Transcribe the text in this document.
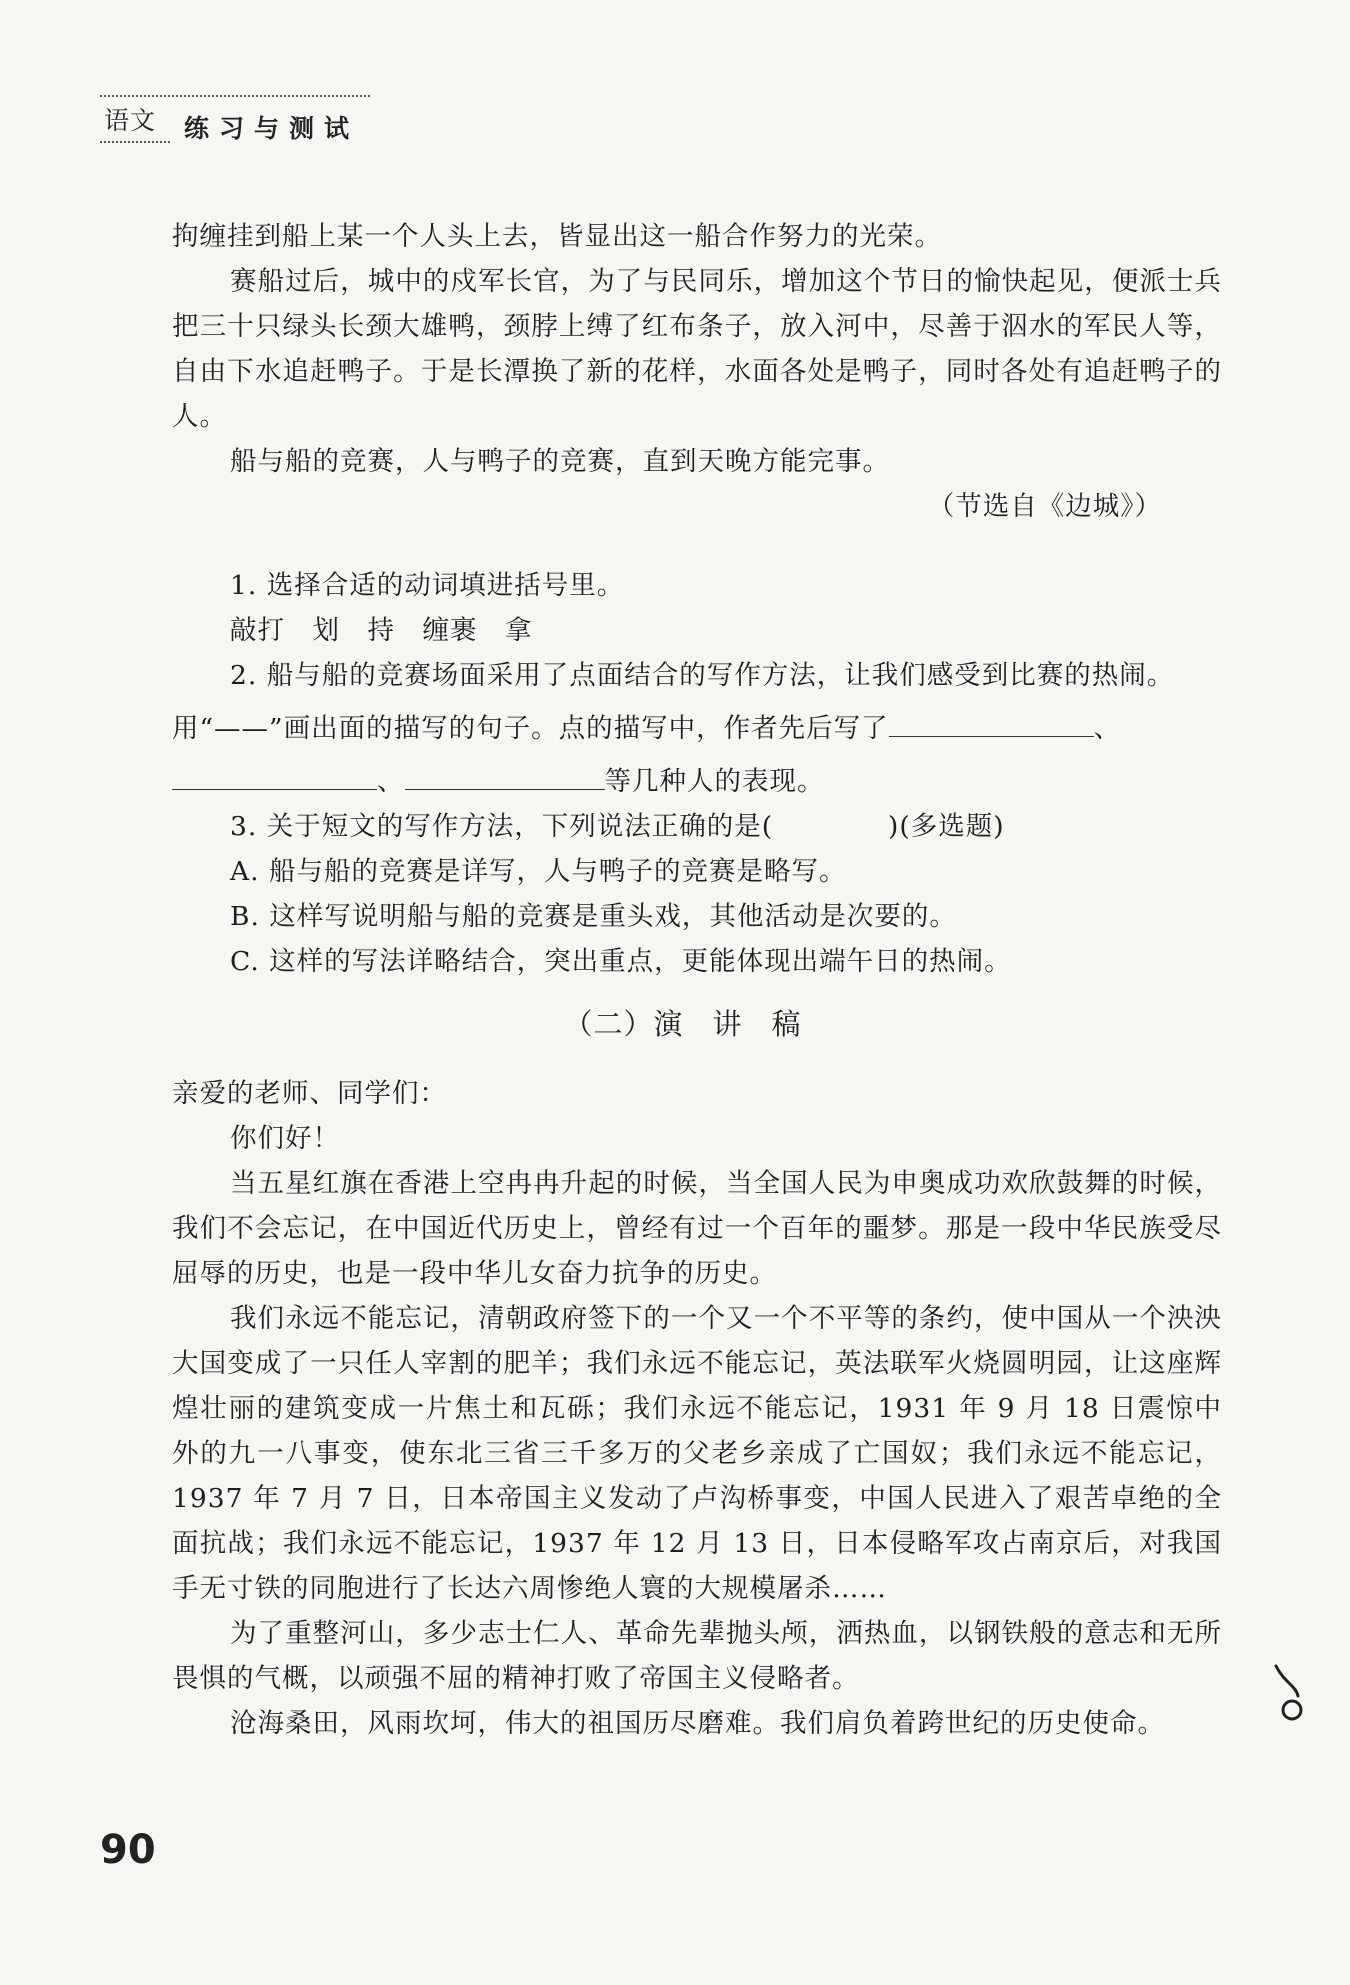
语文 练习与测试

拘缠挂到船上某一个人头上去，皆显出这一船合作努力的光荣。

赛船过后，城中的戍军长官，为了与民同乐，增加这个节日的愉快起见，便派士兵把三十只绿头长颈大雄鸭，颈脖上缚了红布条子，放入河中，尽善于泅水的军民人等，自由下水追赶鸭子。于是长潭换了新的花样，水面各处是鸭子，同时各处有追赶鸭子的人。

船与船的竞赛，人与鸭子的竞赛，直到天晚方能完事。

（节选自《边城》）

1. 选择合适的动词填进括号里。

敲打　划　持　缠裹　拿

2. 船与船的竞赛场面采用了点面结合的写作方法，让我们感受到比赛的热闹。

用“——”画出面的描写的句子。点的描写中，作者先后写了	、

、	等几种人的表现。

3. 关于短文的写作方法，下列说法正确的是(	)(多选题)

A. 船与船的竞赛是详写，人与鸭子的竞赛是略写。

B. 这样写说明船与船的竞赛是重头戏，其他活动是次要的。

C. 这样的写法详略结合，突出重点，更能体现出端午日的热闹。

（二）演讲稿

亲爱的老师、同学们：

你们好！

当五星红旗在香港上空冉冉升起的时候，当全国人民为申奥成功欢欣鼓舞的时候，我们不会忘记，在中国近代历史上，曾经有过一个百年的噩梦。那是一段中华民族受尽屈辱的历史，也是一段中华儿女奋力抗争的历史。

我们永远不能忘记，清朝政府签下的一个又一个不平等的条约，使中国从一个泱泱大国变成了一只任人宰割的肥羊；我们永远不能忘记，英法联军火烧圆明园，让这座辉煌壮丽的建筑变成一片焦土和瓦砾；我们永远不能忘记，1931 年 9 月 18 日震惊中外的九一八事变，使东北三省三千多万的父老乡亲成了亡国奴；我们永远不能忘记，1937 年 7 月 7 日，日本帝国主义发动了卢沟桥事变，中国人民进入了艰苦卓绝的全面抗战；我们永远不能忘记，1937 年 12 月 13 日，日本侵略军攻占南京后，对我国手无寸铁的同胞进行了长达六周惨绝人寰的大规模屠杀……

为了重整河山，多少志士仁人、革命先辈抛头颅，洒热血，以钢铁般的意志和无所畏惧的气概，以顽强不屈的精神打败了帝国主义侵略者。

沧海桑田，风雨坎坷，伟大的祖国历尽磨难。我们肩负着跨世纪的历史使命。

90
